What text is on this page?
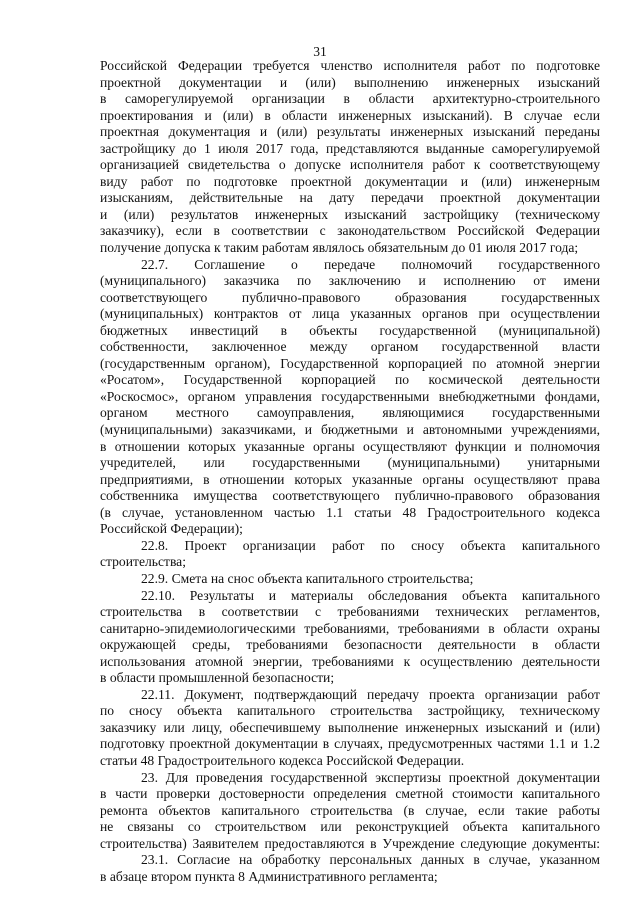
31
Российской Федерации требуется членство исполнителя работ по подготовке
проектной документации и (или) выполнению инженерных изысканий
в саморегулируемой организации в области архитектурно-строительного
проектирования и (или) в области инженерных изысканий). В случае если
проектная документация и (или) результаты инженерных изысканий переданы
застройщику до 1 июля 2017 года, представляются выданные саморегулируемой
организацией свидетельства о допуске исполнителя работ к соответствующему
виду работ по подготовке проектной документации и (или) инженерным
изысканиям, действительные на дату передачи проектной документации
и (или) результатов инженерных изысканий застройщику (техническому
заказчику), если в соответствии с законодательством Российской Федерации
получение допуска к таким работам являлось обязательным до 01 июля 2017 года;
22.7. Соглашение о передаче полномочий государственного
(муниципального) заказчика по заключению и исполнению от имени
соответствующего публично-правового образования государственных
(муниципальных) контрактов от лица указанных органов при осуществлении
бюджетных инвестиций в объекты государственной (муниципальной)
собственности, заключенное между органом государственной власти
(государственным органом), Государственной корпорацией по атомной энергии
«Росатом», Государственной корпорацией по космической деятельности
«Роскосмос», органом управления государственными внебюджетными фондами,
органом местного самоуправления, являющимися государственными
(муниципальными) заказчиками, и бюджетными и автономными учреждениями,
в отношении которых указанные органы осуществляют функции и полномочия
учредителей, или государственными (муниципальными) унитарными
предприятиями, в отношении которых указанные органы осуществляют права
собственника имущества соответствующего публично-правового образования
(в случае, установленном частью 1.1 статьи 48 Градостроительного кодекса
Российской Федерации);
22.8. Проект организации работ по сносу объекта капитального
строительства;
22.9. Смета на снос объекта капитального строительства;
22.10. Результаты и материалы обследования объекта капитального
строительства в соответствии с требованиями технических регламентов,
санитарно-эпидемиологическими требованиями, требованиями в области охраны
окружающей среды, требованиями безопасности деятельности в области
использования атомной энергии, требованиями к осуществлению деятельности
в области промышленной безопасности;
22.11. Документ, подтверждающий передачу проекта организации работ
по сносу объекта капитального строительства застройщику, техническому
заказчику или лицу, обеспечившему выполнение инженерных изысканий и (или)
подготовку проектной документации в случаях, предусмотренных частями 1.1 и 1.2
статьи 48 Градостроительного кодекса Российской Федерации.
23. Для проведения государственной экспертизы проектной документации
в части проверки достоверности определения сметной стоимости капитального
ремонта объектов капитального строительства (в случае, если такие работы
не связаны со строительством или реконструкцией объекта капитального
строительства) Заявителем предоставляются в Учреждение следующие документы:
23.1. Согласие на обработку персональных данных в случае, указанном
в абзаце втором пункта 8 Административного регламента;
